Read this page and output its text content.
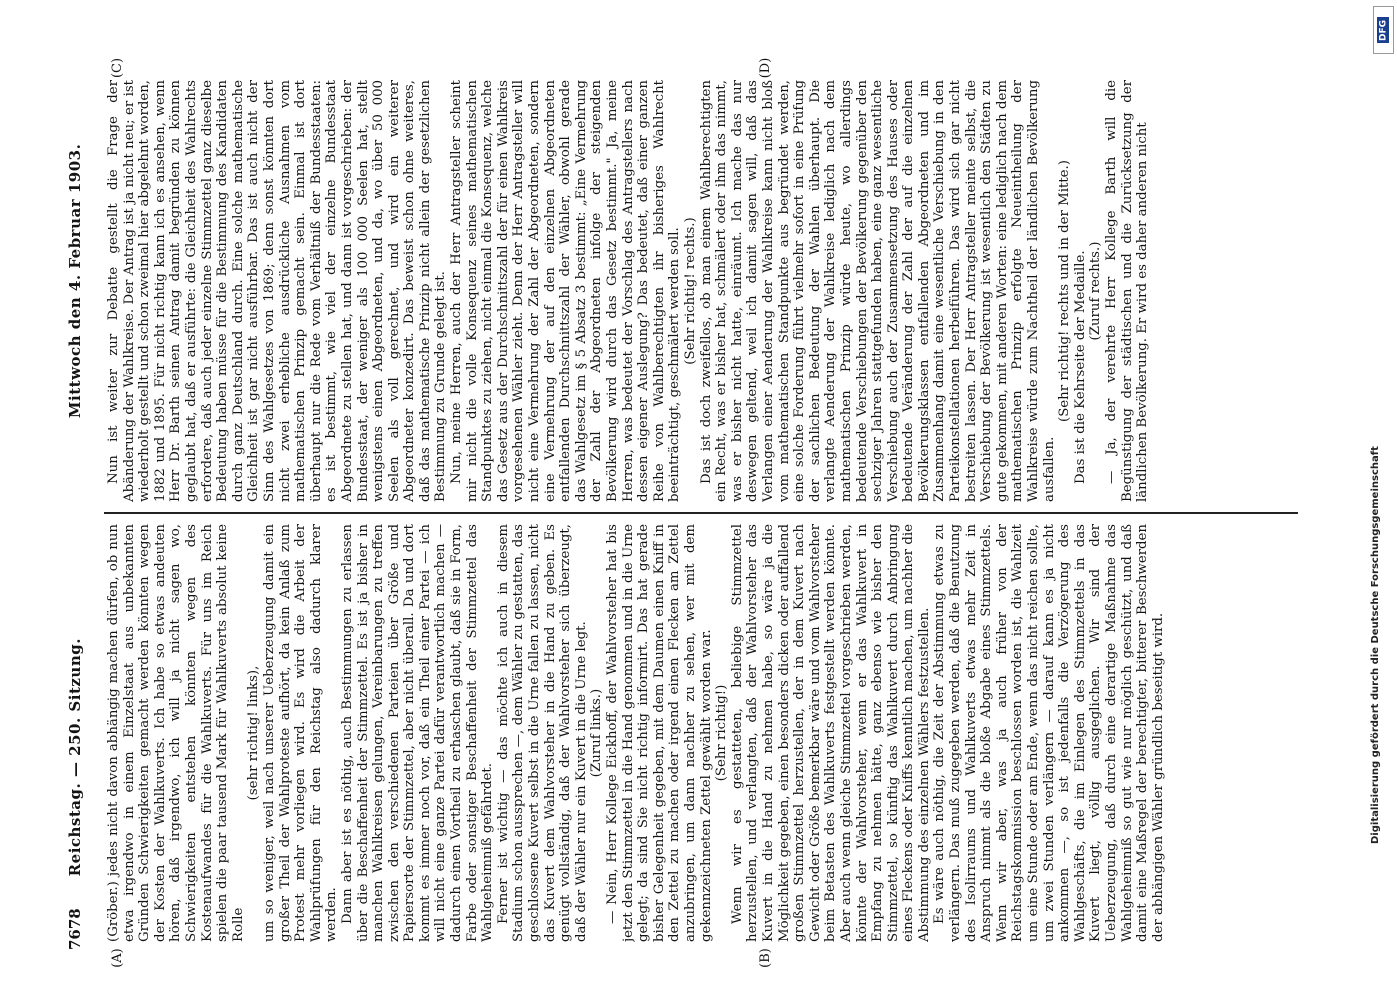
7678
Reichstag. — 250. Sitzung.Mittwoch den 4. Februar 1903.
(A)	(B)
(C)	(D)

(Gröber.) jedes nicht davon abhängig machen dürfen, ob nun etwa irgendwo in einem Einzelstaat aus unbekannten Gründen Schwierigkeiten gemacht werden könnten wegen der Kosten der Wahlkuverts. Ich habe so etwas andeuten hören, daß irgendwo, ich will ja nicht sagen wo, Schwierigkeiten entstehen könnten wegen des Kostenaufwandes für die Wahlkuverts. Für uns im Reich spielen die paar tausend Mark für Wahlkuverts absolut keine Rolle

(sehr richtig! links), um so weniger, weil nach unserer Ueberzeugung damit ein großer Theil der Wahlproteste aufhört, da kein Anlaß zum Protest mehr vorliegen wird. Es wird die Arbeit der Wahlprüfungen für den Reichstag also dadurch klarer werden. Dann aber ist es nöthig, auch Bestimmungen zu erlassen über die Beschaffenheit der Stimmzettel. Es ist ja bisher in manchen Wahlkreisen gelungen, Vereinbarungen zu treffen zwischen den verschiedenen Parteien über Größe und Papiersorte der Stimmzettel, aber nicht überall. Da und dort kommt es immer noch vor, daß ein Theil einer Partei — ich will nicht eine ganze Partei dafür verantwortlich machen — dadurch einen Vortheil zu erhaschen glaubt, daß sie in Form, Farbe oder sonstiger Beschaffenheit der Stimmzettel das Wahlgeheimniß gefährdet. Ferner ist wichtig — das möchte ich auch in diesem Stadium schon aussprechen —, dem Wähler zu gestatten, das geschlossene Kuvert selbst in die Urne fallen zu lassen, nicht das Kuvert dem Wahlvorsteher in die Hand zu geben. Es genügt vollständig, daß der Wahlvorsteher sich überzeugt, daß der Wähler nur ein Kuvert in die Urne legt. (Zuruf links.) — Nein, Herr Kollege Eickhoff, der Wahlvorsteher hat bis jetzt den Stimmzettel in die Hand genommen und in die Urne gelegt; da sind Sie nicht richtig informirt. Das hat gerade bisher Gelegenheit gegeben, mit dem Daumen einen Kniff in den Zettel zu machen oder irgend einen Flecken am Zettel anzubringen, um dann nachher zu sehen, wer mit dem gekennzeichneten Zettel gewählt worden war. (Sehr richtig!) Wenn wir es gestatteten, beliebige Stimmzettel herzustellen, und verlangten, daß der Wahlvorsteher das Kuvert in die Hand zu nehmen habe, so wäre ja die Möglichkeit gegeben, einen besonders dicken oder auffallend großen Stimmzettel herzustellen, der in dem Kuvert nach Gewicht oder Größe bemerkbar wäre und vom Wahlvorsteher beim Betasten des Wahlkuverts festgestellt werden könnte. Aber auch wenn gleiche Stimmzettel vorgeschrieben werden, könnte der Wahlvorsteher, wenn er das Wahlkuvert in Empfang zu nehmen hätte, ganz ebenso wie bisher den Stimmzettel, so künftig das Wahlkuvert durch Anbringung eines Fleckens oder Kniffs kenntlich machen, um nachher die Abstimmung des einzelnen Wählers festzustellen. Es wäre auch nöthig, die Zeit der Abstimmung etwas zu verlängern. Das muß zugegeben werden, daß die Benutzung des Isolirraums und Wahlkuverts etwas mehr Zeit in Anspruch nimmt als die bloße Abgabe eines Stimmzettels. Wenn wir aber, was ja auch früher von der Reichstagskommission beschlossen worden ist, die Wahlzeit um eine Stunde oder am Ende, wenn das nicht reichen sollte, um zwei Stunden verlängern — darauf kann es ja nicht ankommen —, so ist jedenfalls die Verzögerung des Wahlgeschäfts, die im Einlegen des Stimmzettels in das Kuvert liegt, völlig ausgeglichen. Wir sind der Ueberzeugung, daß durch eine derartige Maßnahme das Wahlgeheimniß so gut wie nur möglich geschützt, und daß damit eine Maßregel der berechtigter, bitterer Beschwerden der abhängigen Wähler gründlich beseitigt wird.

Nun ist weiter zur Debatte gestellt die Frage der Abänderung der Wahlkreise. Der Antrag ist ja nicht neu; er ist wiederholt gestellt und schon zweimal hier abgelehnt worden, 1882 und 1895. Für nicht richtig kann ich es ansehen, wenn Herr Dr. Barth seinen Antrag damit begründen zu können geglaubt hat, daß er ausführte: die Gleichheit des Wahlrechts erfordere, daß auch jeder einzelne Stimmzettel ganz dieselbe Bedeutung haben müsse für die Bestimmung des Kandidaten durch ganz Deutschland durch. Eine solche mathematische Gleichheit ist gar nicht ausführbar. Das ist auch nicht der Sinn des Wahlgesetzes von 1869; denn sonst könnten dort nicht zwei erhebliche ausdrückliche Ausnahmen vom mathematischen Prinzip gemacht sein. Einmal ist dort überhaupt nur die Rede vom Verhältniß der Bundesstaaten: es ist bestimmt, wie viel der einzelne Bundesstaat Abgeordnete zu stellen hat, und dann ist vorgeschrieben: der Bundesstaat, der weniger als 100 000 Seelen hat, stellt wenigstens einen Abgeordneten, und da, wo über 50 000 Seelen als voll gerechnet, und wird ein weiterer Abgeordneter konzedirt. Das beweist schon ohne weiteres, daß das mathematische Prinzip nicht allein der gesetzlichen Bestimmung zu Grunde gelegt ist. Nun, meine Herren, auch der Herr Antragsteller scheint mir nicht die volle Konsequenz seines mathematischen Standpunktes zu ziehen, nicht einmal die Konsequenz, welche das Gesetz aus der Durchschnittszahl der für einen Wahlkreis vorgesehenen Wähler zieht. Denn der Herr Antragsteller will nicht eine Vermehrung der Zahl der Abgeordneten, sondern eine Vermehrung der auf den einzelnen Abgeordneten entfallenden Durchschnittszahl der Wähler, obwohl gerade das Wahlgesetz im § 5 Absatz 3 bestimmt: „Eine Vermehrung der Zahl der Abgeordneten infolge der steigenden Bevölkerung wird durch das Gesetz bestimmt." Ja, meine Herren, was bedeutet der Vorschlag des Antragstellers nach dessen eigener Auslegung? Das bedeutet, daß einer ganzen Reihe von Wahlberechtigten ihr bisheriges Wahlrecht beeinträchtigt, geschmälert werden soll. (Sehr richtig! rechts.) Das ist doch zweifellos, ob man einem Wahlberechtigten ein Recht, was er bisher hat, schmälert oder ihm das nimmt, was er bisher nicht hatte, einräumt. Ich mache das nur deswegen geltend, weil ich damit sagen will, daß das Verlangen einer Aenderung der Wahlkreise kann nicht bloß vom mathematischen Standpunkte aus begründet werden, eine solche Forderung führt vielmehr sofort in eine Prüfung der sachlichen Bedeutung der Wahlen überhaupt. Die verlangte Aenderung der Wahlkreise lediglich nach dem mathematischen Prinzip würde heute, wo allerdings bedeutende Verschiebungen der Bevölkerung gegenüber den sechziger Jahren stattgefunden haben, eine ganz wesentliche Verschiebung auch der Zusammensetzung des Hauses oder bedeutende Veränderung der Zahl der auf die einzelnen Bevölkerungsklassen entfallenden Abgeordneten und im Zusammenhang damit eine wesentliche Verschiebung in den Parteikonstellationen herbeiführen. Das wird sich gar nicht bestreiten lassen. Der Herr Antragsteller meinte selbst, die Verschiebung der Bevölkerung ist wesentlich den Städten zu gute gekommen, mit anderen Worten: eine lediglich nach dem mathematischen Prinzip erfolgte Neueintheilung der Wahlkreise würde zum Nachtheil der ländlichen Bevölkerung ausfallen.

(Sehr richtig! rechts und in der Mitte.) Das ist die Kehrseite der Medaille. (Zuruf rechts.) — Ja, der verehrte Herr Kollege Barth will die Begünstigung der städtischen und die Zurücksetzung der ländlichen Bevölkerung. Er wird es daher anderen nicht

DFG
Digitalisierung gefördert durch die Deutsche Forschungsgemeinschaft
